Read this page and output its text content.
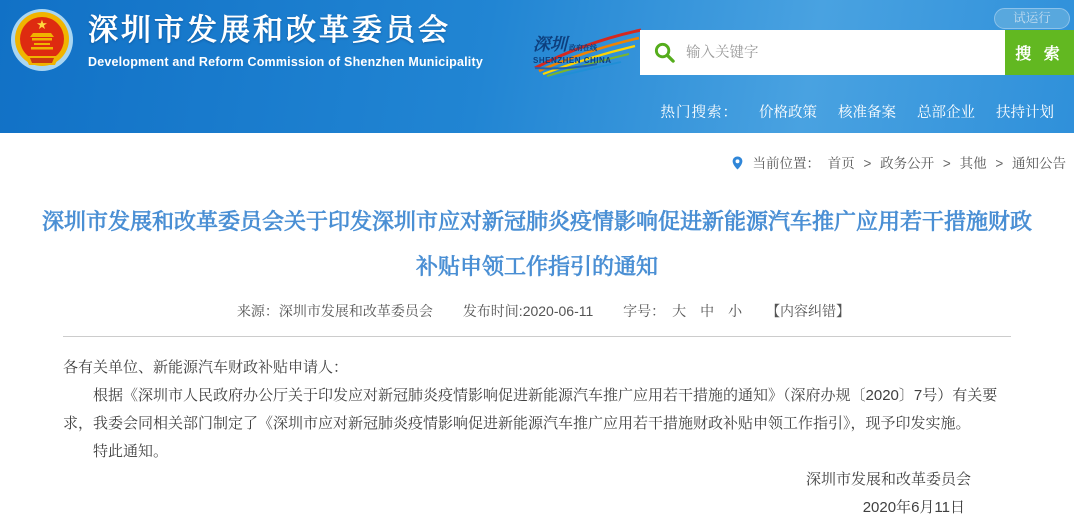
★ 深圳市发展和改革委员会
Development and Reform Commission of Shenzhen Municipality
深圳 政府在线
SHENZHEN CHINA
输入关键字	搜 索
试运行
热门搜索： 价格政策 核准备案 总部企业 扶持计划
当前位置： 首页 > 政务公开 > 其他 > 通知公告
深圳市发展和改革委员会关于印发深圳市应对新冠肺炎疫情影响促进新能源汽车推广应用若干措施财政补贴申领工作指引的通知
来源：深圳市发展和改革委员会 发布时间:2020-06-11 字号： 大 中 小 【内容纠错】

各有关单位、新能源汽车财政补贴申请人：

根据《深圳市人民政府办公厅关于印发应对新冠肺炎疫情影响促进新能源汽车推广应用若干措施的通知》（深府办规〔2020〕7号）有关要求，我委会同相关部门制定了《深圳市应对新冠肺炎疫情影响促进新能源汽车推广应用若干措施财政补贴申领工作指引》，现予印发实施。

特此通知。

深圳市发展和改革委员会

2020年6月11日
